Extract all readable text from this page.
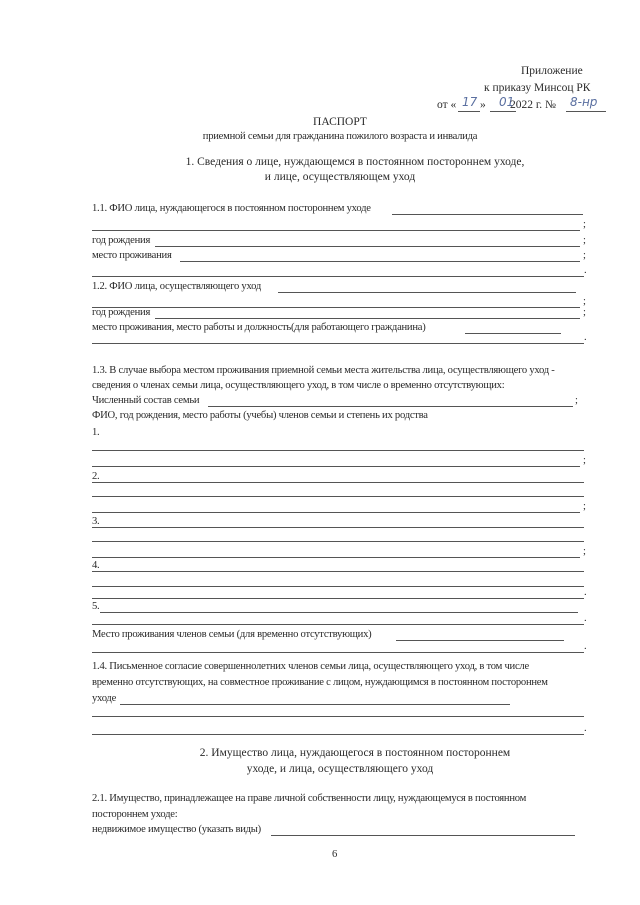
Приложение
к приказу Минсоц РК
от « 17 » 01
2022 г. № 8-нр
ПАСПОРТ
приемной семьи для гражданина пожилого возраста и инвалида
1. Сведения о лице, нуждающемся в постоянном постороннем уходе,
и лице, осуществляющем уход
1.1. ФИО лица, нуждающегося в постоянном постороннем уходе
;
год рождения	;
место проживания	;
.
1.2. ФИО лица, осуществляющего уход
;
год рождения	;
место проживания, место работы и должность(для работающего гражданина)
.
1.3. В случае выбора местом проживания приемной семьи места жительства лица, осуществляющего уход -
сведения о членах семьи лица, осуществляющего уход, в том числе о временно отсутствующих:
Численный состав семьи	;
ФИО, год рождения, место работы (учебы) членов семьи и степень их родства
1.
;
2.
;
3.
;
4.
.
5.
.
Место проживания членов семьи (для временно отсутствующих)
.
1.4. Письменное согласие совершеннолетних членов семьи лица, осуществляющего уход, в том числе
временно отсутствующих, на совместное проживание с лицом, нуждающимся в постоянном постороннем
уходе
.
2. Имущество лица, нуждающегося в постоянном постороннем
уходе, и лица, осуществляющего уход
2.1. Имущество, принадлежащее на праве личной собственности лицу, нуждающемуся в постоянном
постороннем уходе:
недвижимое имущество (указать виды)
6
